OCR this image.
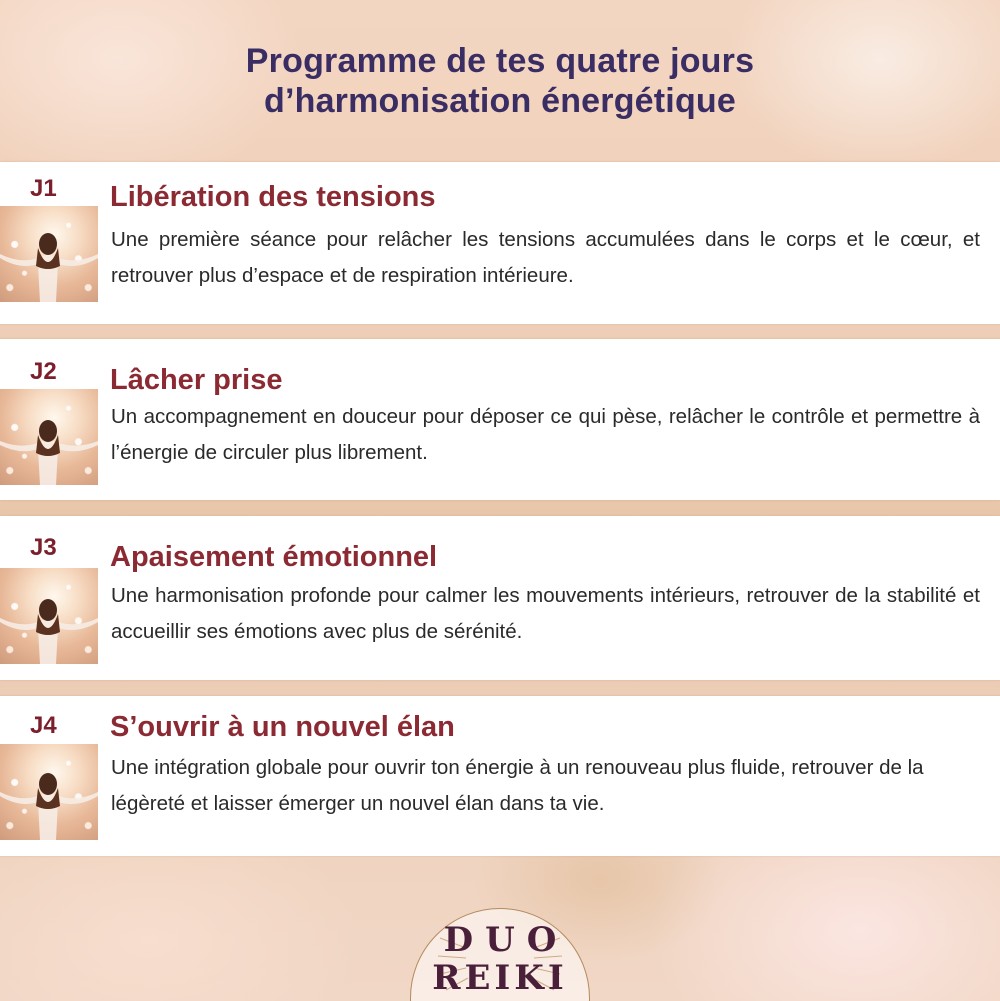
Programme de tes quatre jours
d’harmonisation énergétique
J1 Libération des tensions

Une première séance pour relâcher les tensions accumulées dans le corps et le cœur, et retrouver plus d’espace et de respiration intérieure.

J2 Lâcher prise

Un accompagnement en douceur pour déposer ce qui pèse, relâcher le contrôle et permettre à l’énergie de circuler plus librement.

J3 Apaisement émotionnel

Une harmonisation profonde pour calmer les mouvements intérieurs, retrouver de la stabilité et accueillir ses émotions avec plus de sérénité.

J4 S’ouvrir à un nouvel élan

Une intégration globale pour ouvrir ton énergie à un renouveau plus fluide, retrouver de la légèreté et laisser émerger un nouvel élan dans ta vie.

DUO
REIKI
